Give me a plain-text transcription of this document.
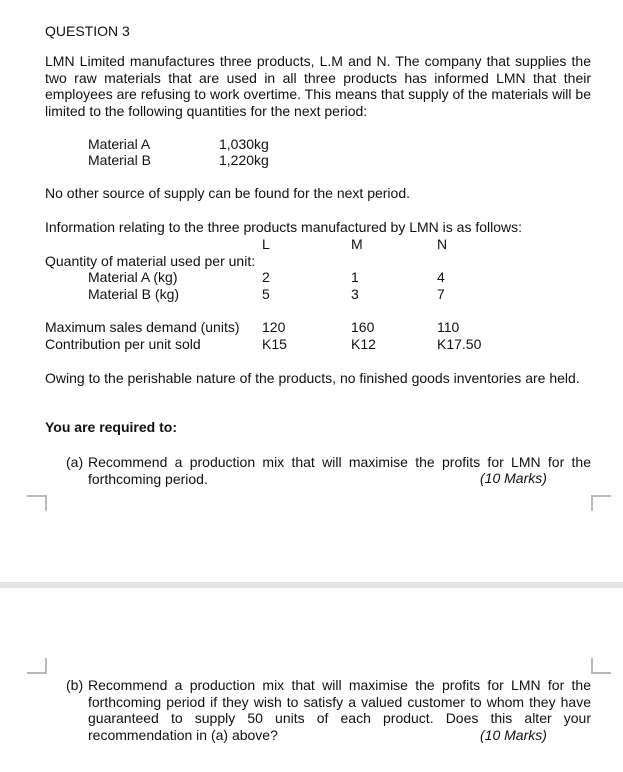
QUESTION 3
LMN Limited manufactures three products, L.M and N. The company that supplies the two raw materials that are used in all three products has informed LMN that their employees are refusing to work overtime. This means that supply of the materials will be limited to the following quantities for the next period:
Material A	1,030kg
Material B	1,220kg
No other source of supply can be found for the next period.
Information relating to the three products manufactured by LMN is as follows:
L	M	N
Quantity of material used per unit:
Material A (kg)	2	1	4
Material B (kg)	5	3	7
Maximum sales demand (units) 120	160	110
Contribution per unit sold	K15	K12	K17.50
Owing to the perishable nature of the products, no finished goods inventories are held.
You are required to:
(a) Recommend a production mix that will maximise the profits for LMN for the forthcoming period.	(10 Marks)
(b) Recommend a production mix that will maximise the profits for LMN for the forthcoming period if they wish to satisfy a valued customer to whom they have guaranteed to supply 50 units of each product. Does this alter your recommendation in (a) above?	(10 Marks)
